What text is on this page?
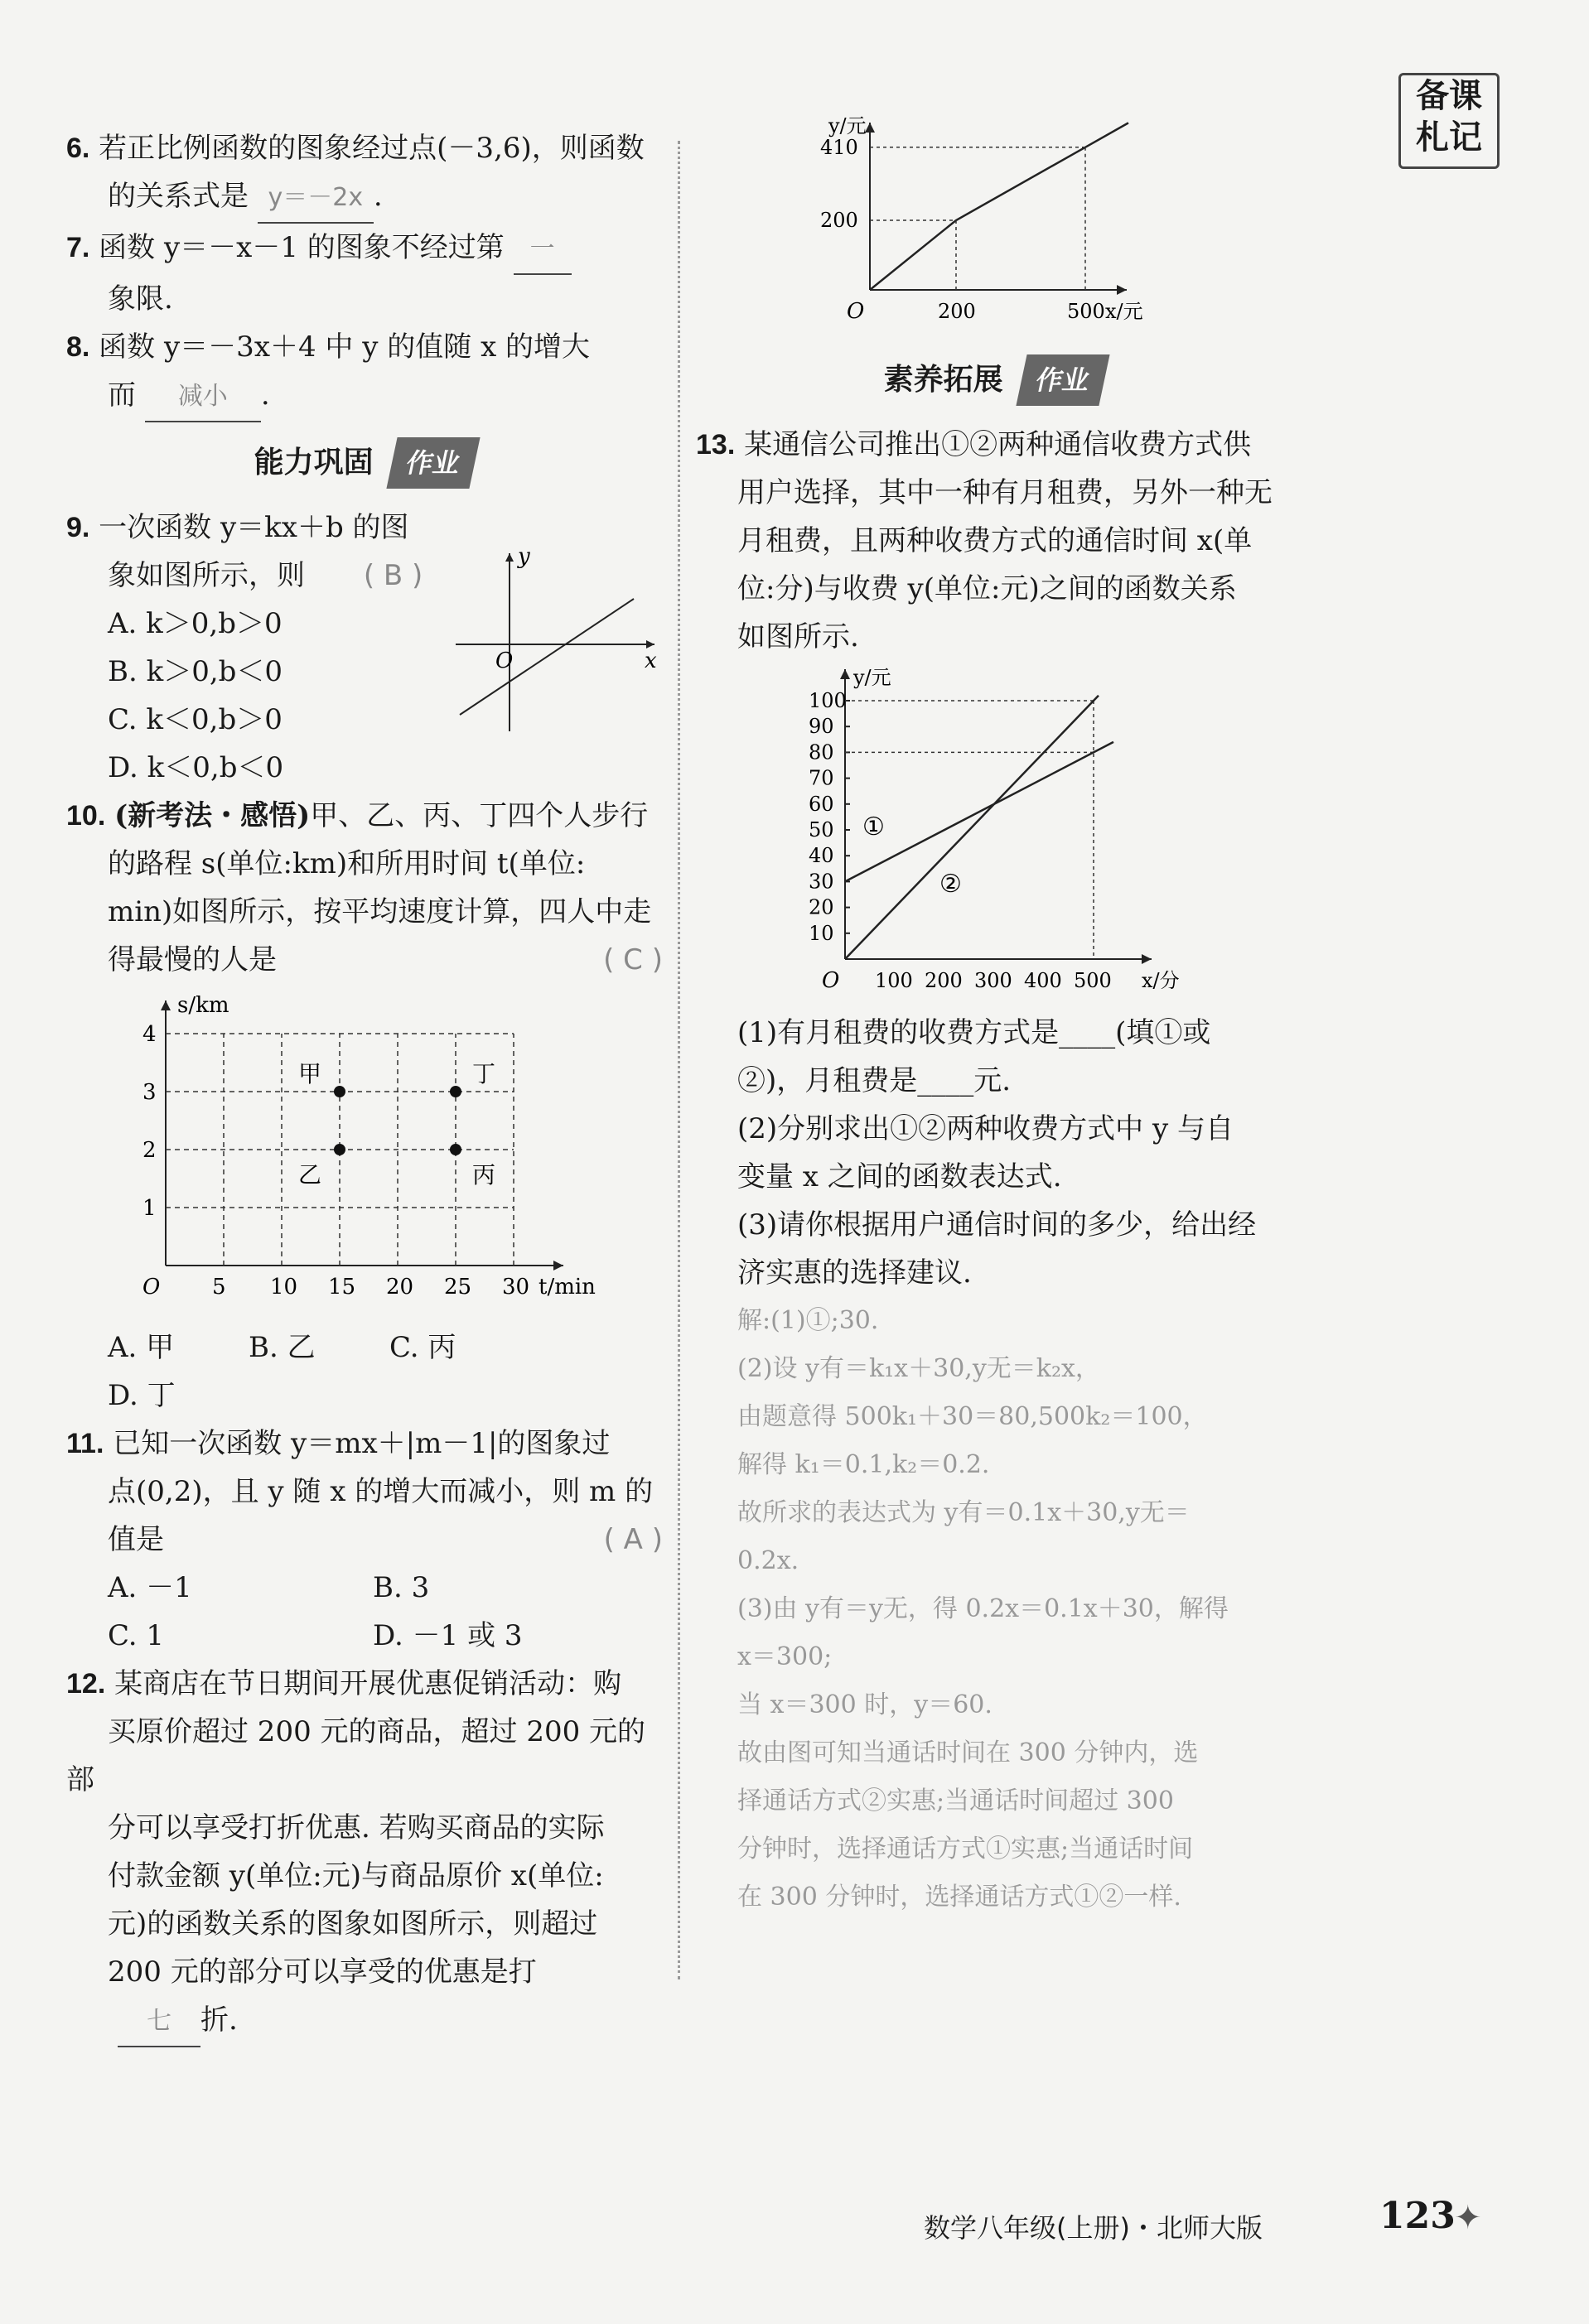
备课
札记

6. 若正比例函数的图象经过点(－3,6)，则函数
的关系式是 y＝－2x .

7. 函数 y＝－x－1 的图象不经过第 一
象限.

8. 函数 y＝－3x＋4 中 y 的值随 x 的增大
而 减小 .

能力巩固 作业
9. 一次函数 y＝kx＋b 的图
象如图所示，则 ( B )
A. k＞0,b＞0
B. k＞0,b＜0
C. k＜0,b＞0
D. k＜0,b＜0
O	x
y
10. (新考法・感悟)甲、乙、丙、丁四个人步行
的路程 s(单位:km)和所用时间 t(单位:
min)如图所示，按平均速度计算，四人中走
得最慢的人是	( C )
O
s/km
t/min
5 10 15 20 25 30
1
2
3
4
甲
乙	丙
丁
A. 甲	B. 乙	C. 丙D. 丁
11. 已知一次函数 y＝mx＋|m－1|的图象过
点(0,2)，且 y 随 x 的增大而减小，则 m 的
值是	( A )
A. －1	B. 3
C. 1	D. －1 或 3
12. 某商店在节日期间开展优惠促销活动：购
买原价超过 200 元的商品，超过 200 元的部
分可以享受打折优惠. 若购买商品的实际
付款金额 y(单位:元)与商品原价 x(单位:
元)的函数关系的图象如图所示，则超过
200 元的部分可以享受的优惠是打
七 折.
O
y/元
x/元
200	500
200
410
素养拓展 作业
13. 某通信公司推出①②两种通信收费方式供
用户选择，其中一种有月租费，另外一种无
月租费，且两种收费方式的通信时间 x(单
位:分)与收费 y(单位:元)之间的函数关系
如图所示.
O
y/元
x/分
100 200 300 400 500
10
20
30
40
50
60
70
80
90
100
①
②
(1)有月租费的收费方式是____(填①或
②)，月租费是____元.
(2)分别求出①②两种收费方式中 y 与自
变量 x 之间的函数表达式.
(3)请你根据用户通信时间的多少，给出经
济实惠的选择建议.
解:(1)①;30.
(2)设 y有＝k₁x＋30,y无＝k₂x，
由题意得 500k₁＋30＝80,500k₂＝100，
解得 k₁＝0.1,k₂＝0.2.
故所求的表达式为 y有＝0.1x＋30,y无＝
0.2x.
(3)由 y有＝y无，得 0.2x＝0.1x＋30，解得
x＝300;
当 x＝300 时，y＝60.
故由图可知当通话时间在 300 分钟内，选
择通话方式②实惠;当通话时间超过 300
分钟时，选择通话方式①实惠;当通话时间
在 300 分钟时，选择通话方式①②一样.
数学八年级(上册)・北师大版	123
✦
